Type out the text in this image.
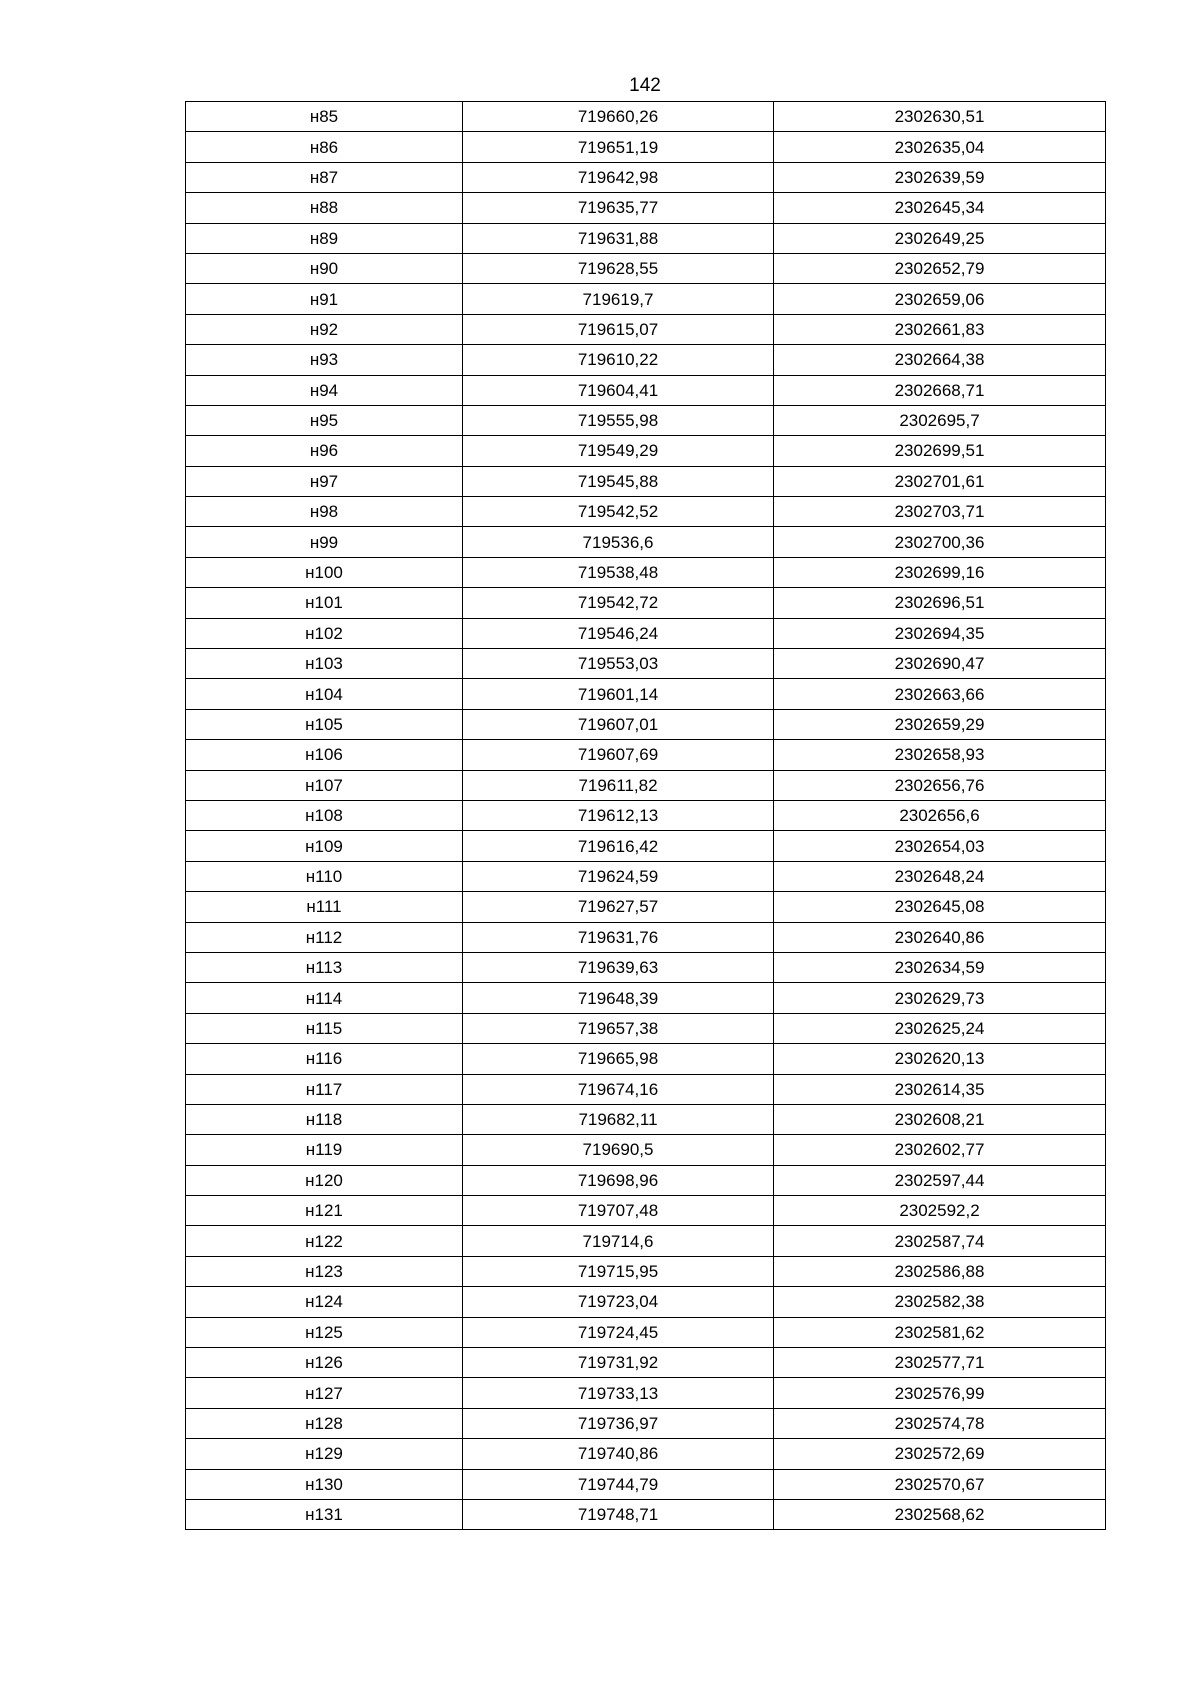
142
н85	719660,26	2302630,51
н86	719651,19	2302635,04
н87	719642,98	2302639,59
н88	719635,77	2302645,34
н89	719631,88	2302649,25
н90	719628,55	2302652,79
н91	719619,7	2302659,06
н92	719615,07	2302661,83
н93	719610,22	2302664,38
н94	719604,41	2302668,71
н95	719555,98	2302695,7
н96	719549,29	2302699,51
н97	719545,88	2302701,61
н98	719542,52	2302703,71
н99	719536,6	2302700,36
н100	719538,48	2302699,16
н101	719542,72	2302696,51
н102	719546,24	2302694,35
н103	719553,03	2302690,47
н104	719601,14	2302663,66
н105	719607,01	2302659,29
н106	719607,69	2302658,93
н107	719611,82	2302656,76
н108	719612,13	2302656,6
н109	719616,42	2302654,03
н110	719624,59	2302648,24
н111	719627,57	2302645,08
н112	719631,76	2302640,86
н113	719639,63	2302634,59
н114	719648,39	2302629,73
н115	719657,38	2302625,24
н116	719665,98	2302620,13
н117	719674,16	2302614,35
н118	719682,11	2302608,21
н119	719690,5	2302602,77
н120	719698,96	2302597,44
н121	719707,48	2302592,2
н122	719714,6	2302587,74
н123	719715,95	2302586,88
н124	719723,04	2302582,38
н125	719724,45	2302581,62
н126	719731,92	2302577,71
н127	719733,13	2302576,99
н128	719736,97	2302574,78
н129	719740,86	2302572,69
н130	719744,79	2302570,67
н131	719748,71	2302568,62
